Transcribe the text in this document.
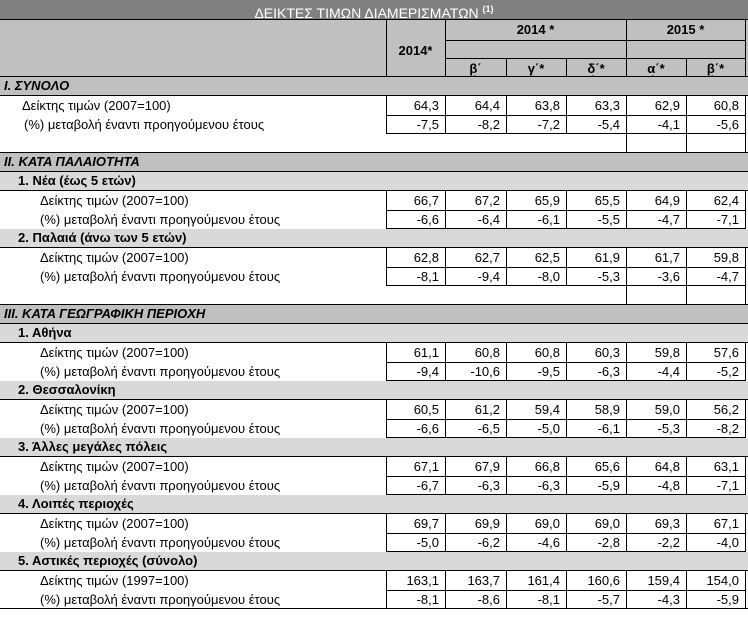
ΔΕΙΚΤΕΣ ΤΙΜΩΝ ΔΙΑΜΕΡΙΣΜΑΤΩΝ $^{(1)}$
2014*
2014 *	2015 *
β΄	γ΄*	δ΄*	α΄*	β΄*
I. ΣΥΝΟΛΟ
Δείκτης τιμών (2007=100)	64,3	64,4	63,8	63,3	62,9	60,8
(%) μεταβολή έναντι προηγούμενου έτους	-7,5	-8,2	-7,2	-5,4	-4,1	-5,6
II. ΚΑΤΑ ΠΑΛΑΙΟΤΗΤΑ
1. Νέα (έως 5 ετών)
Δείκτης τιμών (2007=100)	66,7	67,2	65,9	65,5	64,9	62,4
(%) μεταβολή έναντι προηγούμενου έτους	-6,6	-6,4	-6,1	-5,5	-4,7	-7,1
2. Παλαιά (άνω των 5 ετών)
Δείκτης τιμών (2007=100)	62,8	62,7	62,5	61,9	61,7	59,8
(%) μεταβολή έναντι προηγούμενου έτους	-8,1	-9,4	-8,0	-5,3	-3,6	-4,7
III. ΚΑΤΑ ΓΕΩΓΡΑΦΙΚΗ ΠΕΡΙΟΧΗ
1. Αθήνα
Δείκτης τιμών (2007=100)	61,1	60,8	60,8	60,3	59,8	57,6
(%) μεταβολή έναντι προηγούμενου έτους	-9,4	-10,6	-9,5	-6,3	-4,4	-5,2
2. Θεσσαλονίκη
Δείκτης τιμών (2007=100)	60,5	61,2	59,4	58,9	59,0	56,2
(%) μεταβολή έναντι προηγούμενου έτους	-6,6	-6,5	-5,0	-6,1	-5,3	-8,2
3. Άλλες μεγάλες πόλεις
Δείκτης τιμών (2007=100)	67,1	67,9	66,8	65,6	64,8	63,1
(%) μεταβολή έναντι προηγούμενου έτους	-6,7	-6,3	-6,3	-5,9	-4,8	-7,1
4. Λοιπές περιοχές
Δείκτης τιμών (2007=100)	69,7	69,9	69,0	69,0	69,3	67,1
(%) μεταβολή έναντι προηγούμενου έτους	-5,0	-6,2	-4,6	-2,8	-2,2	-4,0
5. Αστικές περιοχές (σύνολο)
Δείκτης τιμών (1997=100)	163,1	163,7	161,4	160,6	159,4	154,0
(%) μεταβολή έναντι προηγούμενου έτους	-8,1	-8,6	-8,1	-5,7	-4,3	-5,9
